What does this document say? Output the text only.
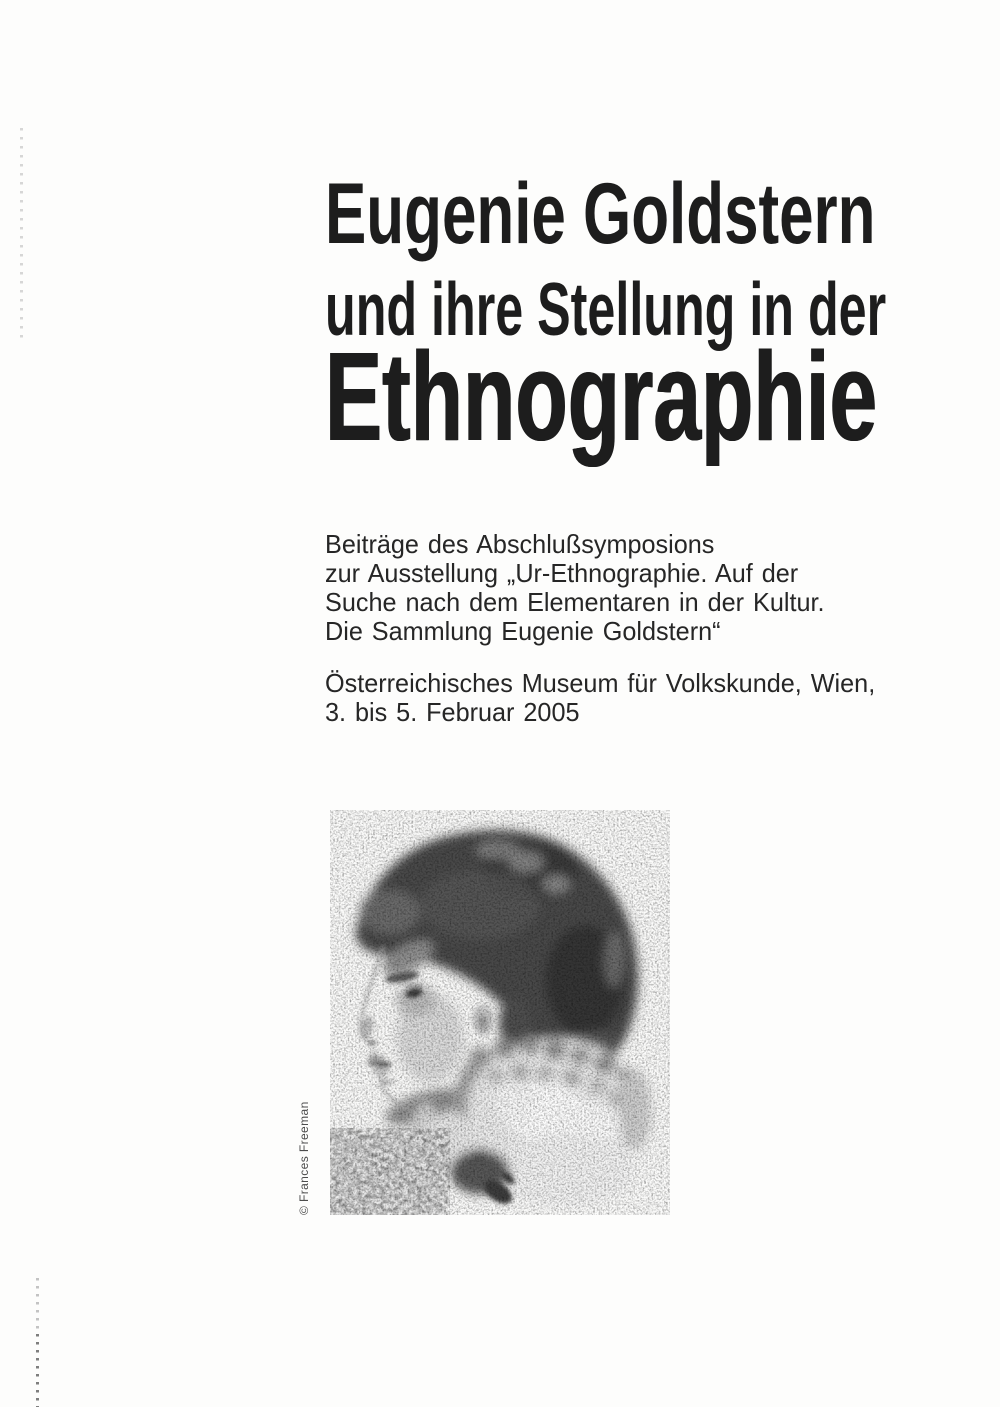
Eugenie Goldstern
und ihre Stellung in der
Ethnographie
Beiträge des Abschlußsymposions
zur Ausstellung „Ur-Ethnographie. Auf der
Suche nach dem Elementaren in der Kultur.
Die Sammlung Eugenie Goldstern“
Österreichisches Museum für Volkskunde, Wien,
3. bis 5. Februar 2005
© Frances Freeman
